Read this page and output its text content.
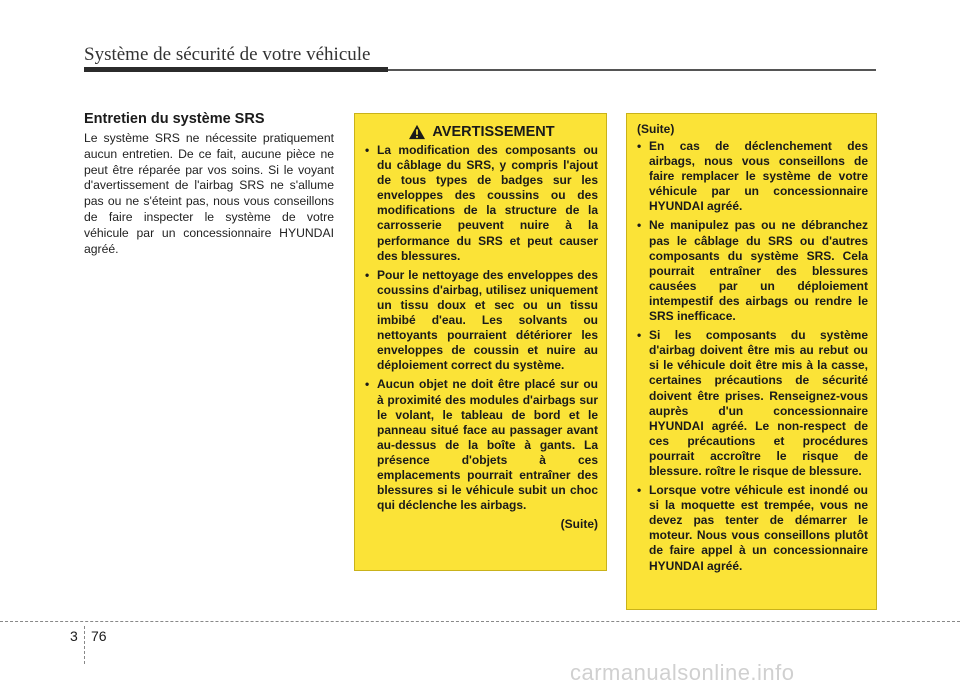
Système de sécurité de votre véhicule
Entretien du système SRS

Le système SRS ne nécessite pratiquement aucun entretien. De ce fait, aucune pièce ne peut être réparée par vos soins. Si le voyant d'avertissement de l'airbag SRS ne s'allume pas ou ne s'éteint pas, nous vous conseillons de faire inspecter le système de votre véhicule par un concessionnaire HYUNDAI agréé.

AVERTISSEMENT
• La modification des composants ou du câblage du SRS, y compris l'ajout de tous types de badges sur les enveloppes des coussins ou des modifications de la structure de la carrosserie peuvent nuire à la performance du SRS et peut causer des blessures.
• Pour le nettoyage des enveloppes des coussins d'airbag, utilisez uniquement un tissu doux et sec ou un tissu imbibé d'eau. Les solvants ou nettoyants pourraient détériorer les enveloppes de coussin et nuire au déploiement correct du système.
• Aucun objet ne doit être placé sur ou à proximité des modules d'airbags sur le volant, le tableau de bord et le panneau situé face au passager avant au-dessus de la boîte à gants. La présence d'objets à ces emplacements pourrait entraîner des blessures si le véhicule subit un choc qui déclenche les airbags.
(Suite)
(Suite)
• En cas de déclenchement des airbags, nous vous conseillons de faire remplacer le système de votre véhicule par un concessionnaire HYUNDAI agréé.
• Ne manipulez pas ou ne débranchez pas le câblage du SRS ou d'autres composants du système SRS. Cela pourrait entraîner des blessures causées par un déploiement intempestif des airbags ou rendre le SRS inefficace.
• Si les composants du système d'airbag doivent être mis au rebut ou si le véhicule doit être mis à la casse, certaines précautions de sécurité doivent être prises. Renseignez-vous auprès d'un concessionnaire HYUNDAI agréé. Le non-respect de ces précautions et procédures pourrait accroître le risque de blessure. roître le risque de blessure.
• Lorsque votre véhicule est inondé ou si la moquette est trempée, vous ne devez pas tenter de démarrer le moteur. Nous vous conseillons plutôt de faire appel à un concessionnaire HYUNDAI agréé.
3 76
carmanualsonline.info
